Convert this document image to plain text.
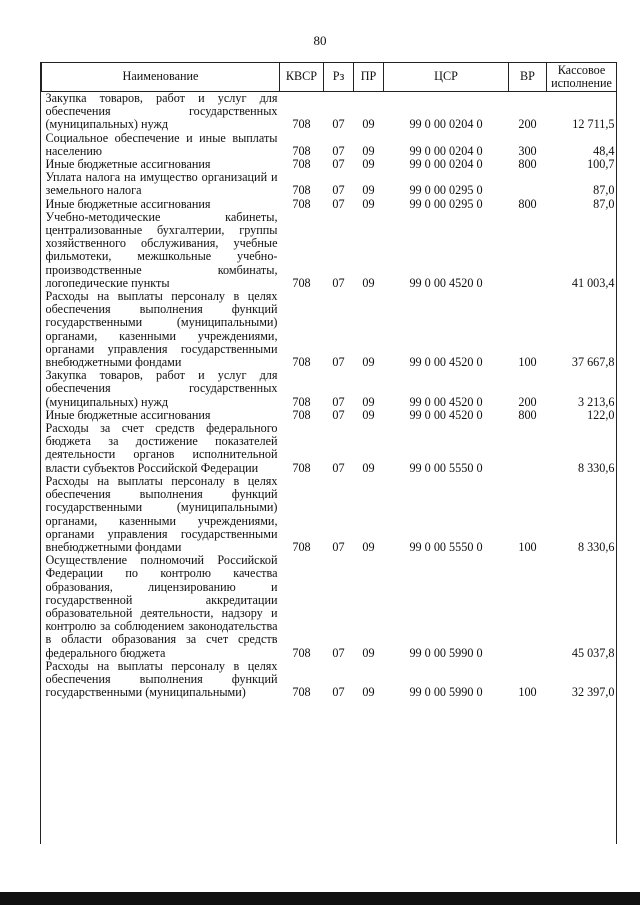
80
Наименование	КВСР	Рз	ПР	ЦСР	ВР	Кассовое исполнение
Закупка товаров, работ и услуг для обеспечения государственных (муниципальных) нужд	708	07	09	99 0 00 0204 0	200	12 711,5
Социальное обеспечение и иные выплаты населению	708	07	09	99 0 00 0204 0	300	48,4
Иные бюджетные ассигнования	708	07	09	99 0 00 0204 0	800	100,7
Уплата налога на имущество организаций и земельного налога	708	07	09	99 0 00 0295 0		87,0
Иные бюджетные ассигнования	708	07	09	99 0 00 0295 0	800	87,0
Учебно-методические кабинеты, централизованные бухгалтерии, группы хозяйственного обслуживания, учебные фильмотеки, межшкольные учебно-производственные комбинаты, логопедические пункты	708	07	09	99 0 00 4520 0		41 003,4
Расходы на выплаты персоналу в целях обеспечения выполнения функций государственными (муниципальными) органами, казенными учреждениями, органами управления государственными внебюджетными фондами	708	07	09	99 0 00 4520 0	100	37 667,8
Закупка товаров, работ и услуг для обеспечения государственных (муниципальных) нужд	708	07	09	99 0 00 4520 0	200	3 213,6
Иные бюджетные ассигнования	708	07	09	99 0 00 4520 0	800	122,0
Расходы за счет средств федерального бюджета за достижение показателей деятельности органов исполнительной власти субъектов Российской Федерации	708	07	09	99 0 00 5550 0		8 330,6
Расходы на выплаты персоналу в целях обеспечения выполнения функций государственными (муниципальными) органами, казенными учреждениями, органами управления государственными внебюджетными фондами	708	07	09	99 0 00 5550 0	100	8 330,6
Осуществление полномочий Российской Федерации по контролю качества образования, лицензированию и государственной аккредитации образовательной деятельности, надзору и контролю за соблюдением законодательства в области образования за счет средств федерального бюджета	708	07	09	99 0 00 5990 0		45 037,8
Расходы на выплаты персоналу в целях обеспечения выполнения функций государственными (муниципальными)	708	07	09	99 0 00 5990 0	100	32 397,0
